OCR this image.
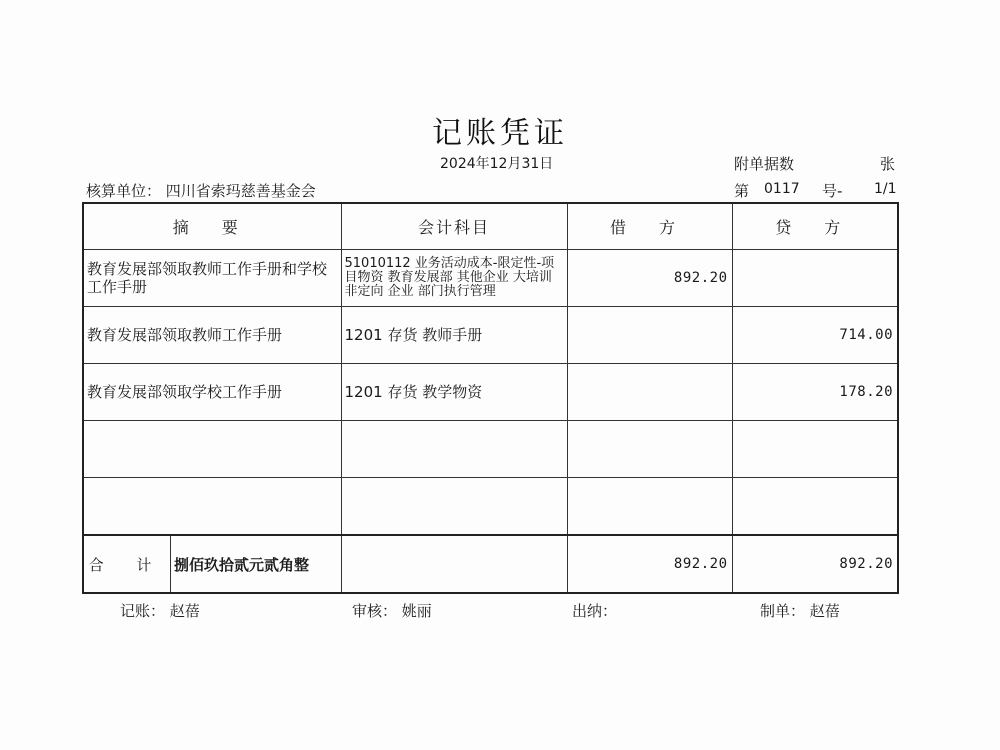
记账凭证
2024年12月31日	附单据数	张
核算单位： 四川省索玛慈善基金会	第 0117 号- 1/1
摘 要	会计科目	借 方	贷 方
教育发展部领取教师工作手册和学校工作手册	51010112 业务活动成本-限定性-项目物资 教育发展部 其他企业 大培训 非定向 企业 部门执行管理	892.20	
教育发展部领取教师工作手册	1201 存货 教师手册		714.00
教育发展部领取学校工作手册	1201 存货 教学物资		178.20

合 计 捌佰玖拾贰元贰角整		892.20	892.20
记账： 赵蓓	审核： 姚丽	出纳：	制单： 赵蓓
